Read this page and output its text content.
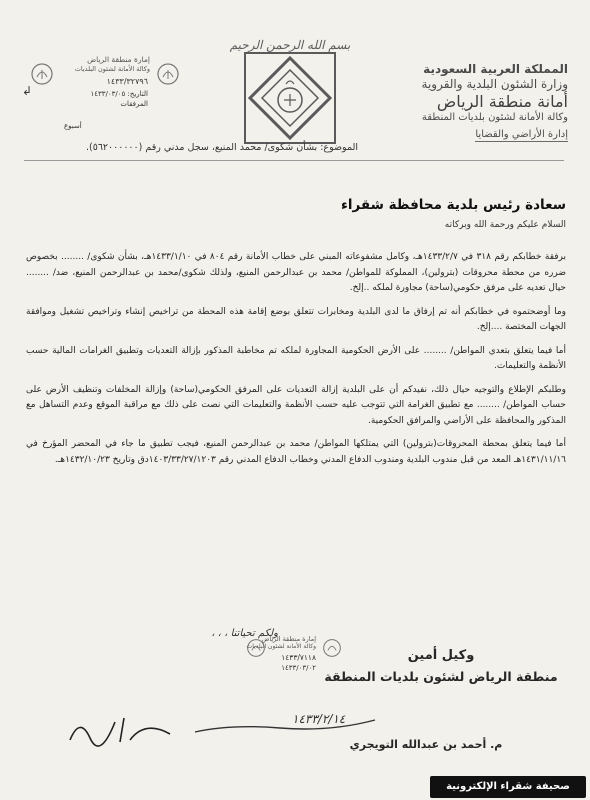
بسم الله الرحمن الرحيم
المملكة العربية السعودية
وزارة الشئون البلدية والقروية
أمانة منطقة الرياض
وكالة الأمانة لشئون بلديات المنطقة
إدارة الأراضي والقضايا
إمارة منطقة الرياض
وكالة الأمانة لشئون البلديات
١٤٣٣/٣٢٧٩٦
التاريخ: ١٤٣٣/٠٣/٠٥
المرفقات
↲
أسبوع
الموضوع: بشأن شكوى/ محمد المنيع، سجل مدني رقم (٥٦٢٠٠٠٠٠٠).
سعادة رئيس بلدية محافظة شقراء
السلام عليكم ورحمة الله وبركاته

برفقة خطابكم رقم ٣١٨ في ١٤٣٣/٢/٧هـ، وكامل مشفوعاته المبني على خطاب الأمانة رقم ٨٠٤ في ١٤٣٣/١/١٠هـ، بشأن شكوى/ ........ بخصوص ضرره من محطة محروقات (بترولين)، المملوكة للمواطن/ محمد بن عبدالرحمن المنيع، ولذلك شكوى/محمد بن عبدالرحمن المنيع، ضد/ ........ حيال تعديه على مرفق حكومي(ساحة) مجاورة لملكه ..إلخ.

وما أوضحتموه في خطابكم أنه تم إرفاق ما لدى البلدية ومخابرات تتعلق بوضع إقامة هذه المحطة من تراخيص إنشاء وتراخيص تشغيل وموافقة الجهات المختصة ....إلخ.

أما فيما يتعلق بتعدي المواطن/ ........ على الأرض الحكومية المجاورة لملكه تم مخاطبة المذكور بإزالة التعديات وتطبيق الغرامات المالية حسب الأنظمة والتعليمات.

وطلبكم الإطلاع والتوجيه حيال ذلك، نفيدكم أن على البلدية إزالة التعديات على المرفق الحكومي(ساحة) وإزالة المخلفات وتنظيف الأرض على حساب المواطن/ ........ مع تطبيق الغرامة التي تتوجب عليه حسب الأنظمة والتعليمات التي نصت على ذلك مع مراقبة الموقع وعدم التساهل مع المذكور والمحافظة على الأراضي والمرافق الحكومية.

أما فيما يتعلق بمحطة المحروقات(بترولين) التي يمتلكها المواطن/ محمد بن عبدالرحمن المنيع، فيجب تطبيق ما جاء في المحضر المؤرخ في ١٤٣١/١١/١٦هـ المعد من قبل مندوب البلدية ومندوب الدفاع المدني وخطاب الدفاع المدني رقم ١٤٠٣/٣٣/٢٧/١٢٠٣دق وتاريخ ١٤٣٢/١٠/٢٣هـ.

ولكم تحياتنا ، ، ،
إمارة منطقة الرياض
وكالة الأمانة لشئون البلديات
١٤٣٣/٧١١٨
١٤٣٣/٠٣/٠٢
وكيل أمين
منطقة الرياض لشئون بلديات المنطقة
م. أحمد بن عبدالله التويجري
١٤٣٣/٢/١٤
صحيفة شقراء الإلكترونية
